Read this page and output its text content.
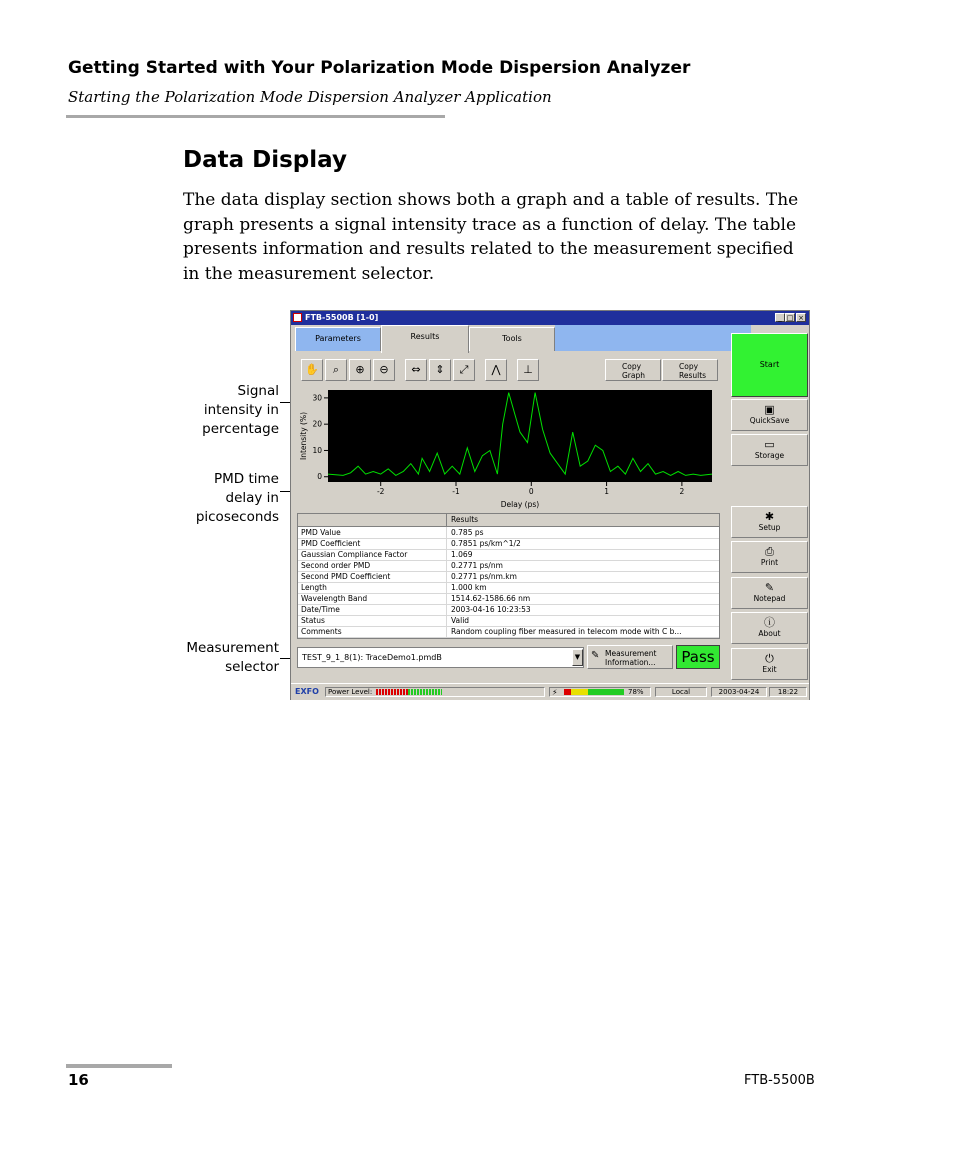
Getting Started with Your Polarization Mode Dispersion Analyzer
Starting the Polarization Mode Dispersion Analyzer Application
Data Display
The data display section shows both a graph and a table of results. The graph presents a signal intensity trace as a function of delay. The table presents information and results related to the measurement specified in the measurement selector.
Signal
intensity in
percentage
PMD time
delay in
picoseconds
Measurement
selector
FTB-5500B [1-0]	_ □ ×
Parameters	Results	Tools
✋	⌕	⊕	⊖	⇔	⇕	⤢	⋀	⊥	Copy
Graph
Copy
Results
0
10
20
30
-2	-1	0	1	2
Delay (ps)
Intensity (%)
Results
PMD Value	0.785 ps
PMD Coefficient	0.7851 ps/km^1/2
Gaussian Compliance Factor	1.069
Second order PMD	0.2771 ps/nm
Second PMD Coefficient	0.2771 ps/nm.km
Length	1.000 km
Wavelength Band	1514.62-1586.66 nm
Date/Time	2003-04-16 10:23:53
Status	Valid
Comments	Random coupling fiber measured in telecom mode with C b...
TEST_9_1_8(1): TraceDemo1.pmdB	▼ ✎ Measurement
Information...	Pass
Start
▣
QuickSave
▭
Storage
✱
Setup
⎙
Print
✎
Notepad
ⓘ
About
⏻
Exit
EXFO	Power Level:	⚡	78%	Local	2003-04-24	18:22
16	FTB-5500B
